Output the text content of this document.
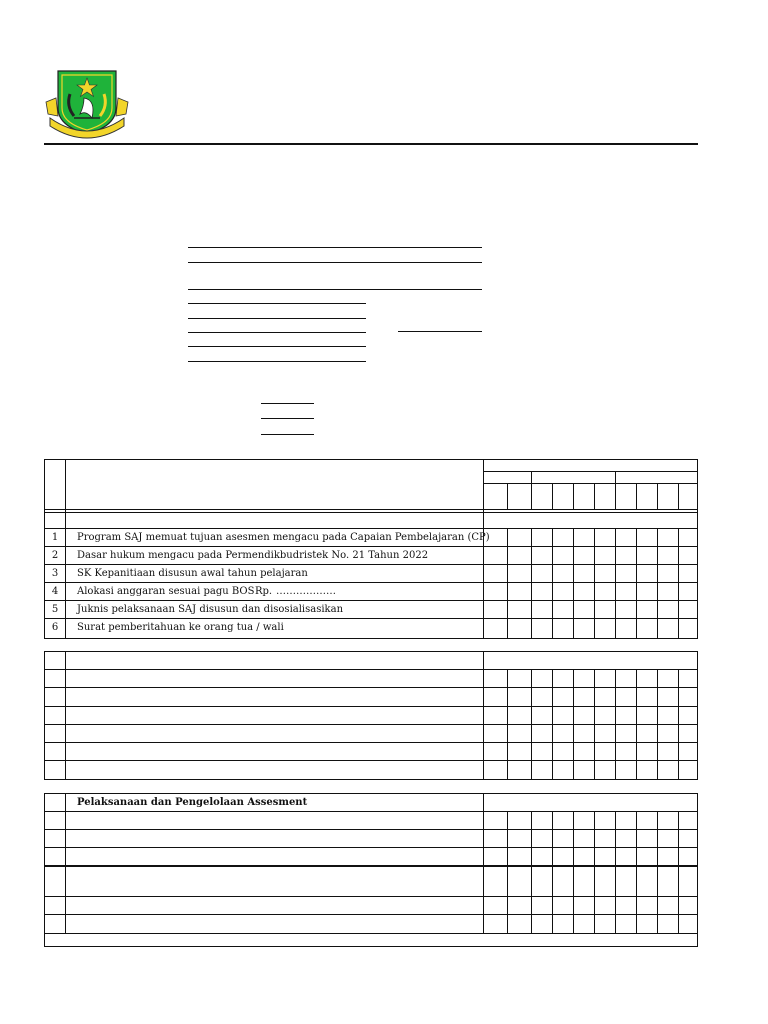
1	Program SAJ memuat tujuan asesmen mengacu pada Capaian Pembelajaran (CP)
2	Dasar hukum mengacu pada Permendikbudristek No. 21 Tahun 2022
3	SK Kepanitiaan disusun awal tahun pelajaran
4	Alokasi anggaran sesuai pagu BOS Rp. ………………
5	Juknis pelaksanaan SAJ disusun dan disosialisasikan
6	Surat pemberitahuan ke orang tua / wali
Pelaksanaan dan Pengelolaan Assesment
